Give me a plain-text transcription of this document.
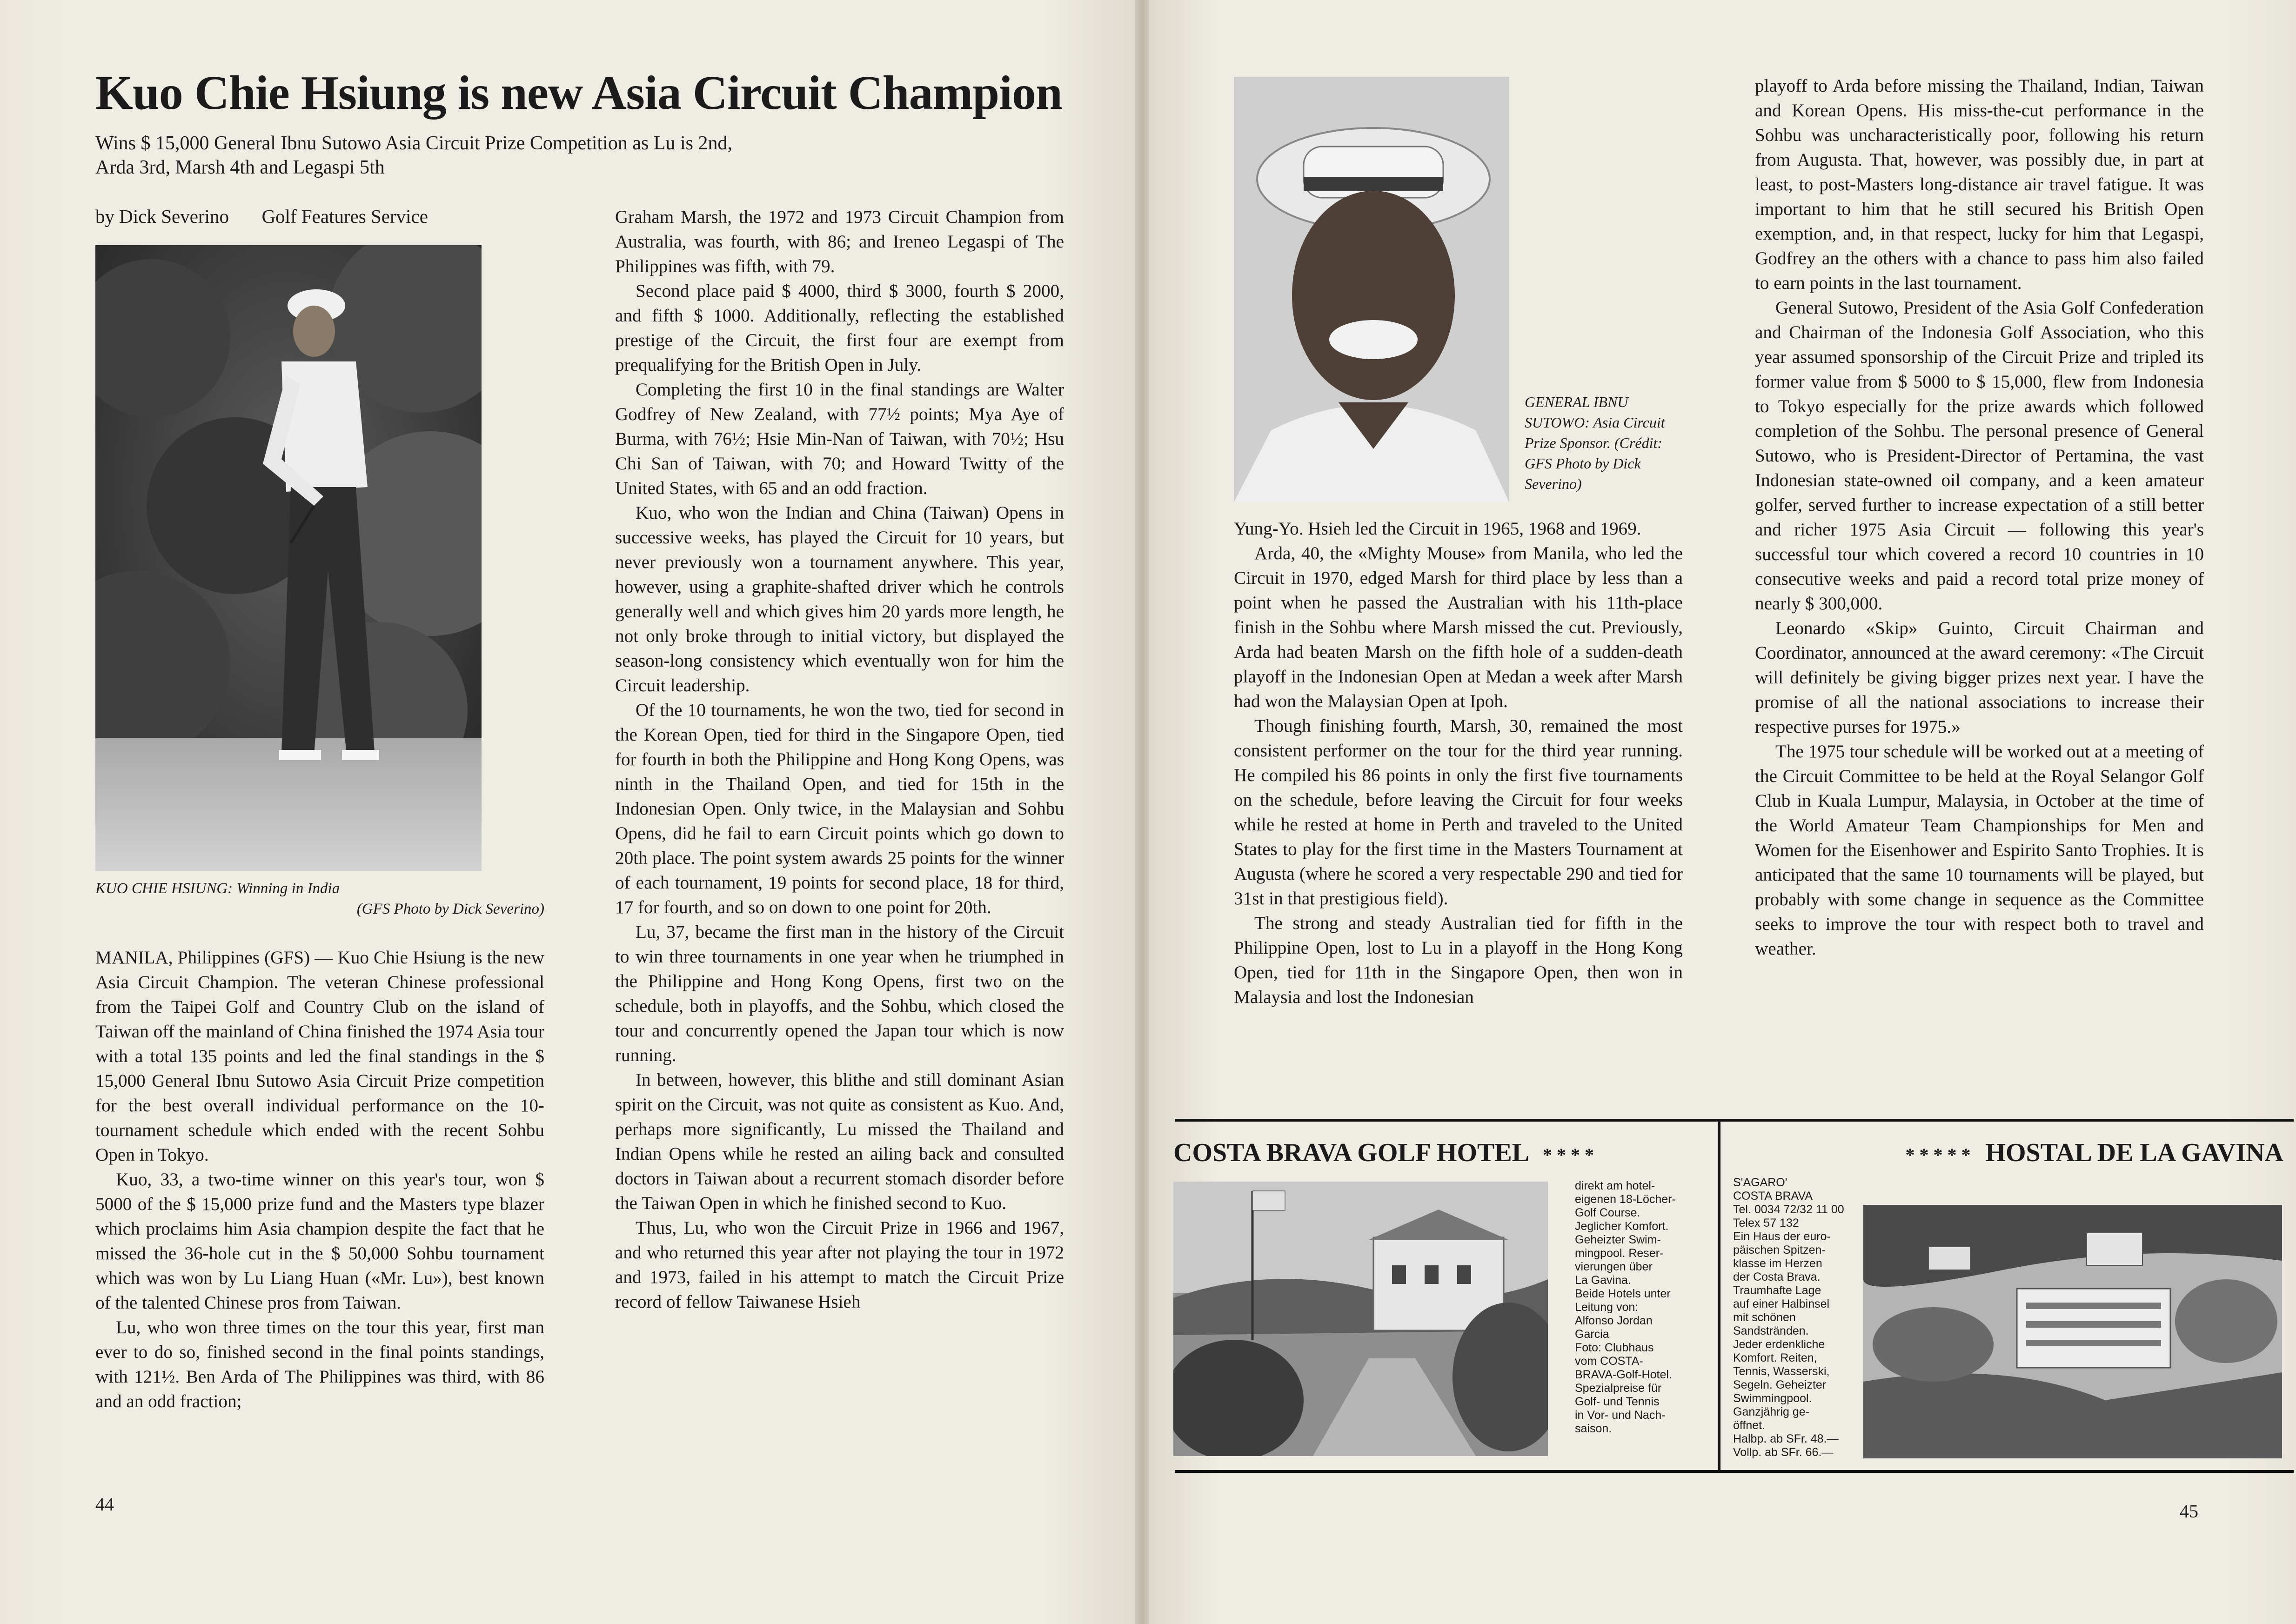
Kuo Chie Hsiung is new Asia Circuit Champion
Wins $ 15,000 General Ibnu Sutowo Asia Circuit Prize Competition as Lu is 2nd,
Arda 3rd, Marsh 4th and Legaspi 5th
by Dick Severino Golf Features Service
KUO CHIE HSIUNG: Winning in India
(GFS Photo by Dick Severino)

MANILA, Philippines (GFS) — Kuo Chie Hsiung is the new Asia Circuit Champion. The veteran Chinese professional from the Taipei Golf and Country Club on the island of Taiwan off the mainland of China finished the 1974 Asia tour with a total 135 points and led the final standings in the $ 15,000 General Ibnu Sutowo Asia Circuit Prize competition for the best overall individual performance on the 10-tournament schedule which ended with the recent Sohbu Open in Tokyo.

Kuo, 33, a two-time winner on this year's tour, won $ 5000 of the $ 15,000 prize fund and the Masters type blazer which proclaims him Asia champion despite the fact that he missed the 36-hole cut in the $ 50,000 Sohbu tournament which was won by Lu Liang Huan («Mr. Lu»), best known of the talented Chinese pros from Taiwan.

Lu, who won three times on the tour this year, first man ever to do so, finished second in the final points standings, with 121½. Ben Arda of The Philippines was third, with 86 and an odd fraction;

Graham Marsh, the 1972 and 1973 Circuit Champion from Australia, was fourth, with 86; and Ireneo Legaspi of The Philippines was fifth, with 79.

Second place paid $ 4000, third $ 3000, fourth $ 2000, and fifth $ 1000. Additionally, reflecting the established prestige of the Circuit, the first four are exempt from prequalifying for the British Open in July.

Completing the first 10 in the final standings are Walter Godfrey of New Zealand, with 77½ points; Mya Aye of Burma, with 76½; Hsie Min-Nan of Taiwan, with 70½; Hsu Chi San of Taiwan, with 70; and Howard Twitty of the United States, with 65 and an odd fraction.

Kuo, who won the Indian and China (Taiwan) Opens in successive weeks, has played the Circuit for 10 years, but never previously won a tournament anywhere. This year, however, using a graphite-shafted driver which he controls generally well and which gives him 20 yards more length, he not only broke through to initial victory, but displayed the season-long consistency which eventually won for him the Circuit leadership.

Of the 10 tournaments, he won the two, tied for second in the Korean Open, tied for third in the Singapore Open, tied for fourth in both the Philippine and Hong Kong Opens, was ninth in the Thailand Open, and tied for 15th in the Indonesian Open. Only twice, in the Malaysian and Sohbu Opens, did he fail to earn Circuit points which go down to 20th place. The point system awards 25 points for the winner of each tournament, 19 points for second place, 18 for third, 17 for fourth, and so on down to one point for 20th.

Lu, 37, became the first man in the history of the Circuit to win three tournaments in one year when he triumphed in the Philippine and Hong Kong Opens, first two on the schedule, both in playoffs, and the Sohbu, which closed the tour and concurrently opened the Japan tour which is now running.

In between, however, this blithe and still dominant Asian spirit on the Circuit, was not quite as consistent as Kuo. And, perhaps more significantly, Lu missed the Thailand and Indian Opens while he rested an ailing back and consulted doctors in Taiwan about a recurrent stomach disorder before the Taiwan Open in which he finished second to Kuo.

Thus, Lu, who won the Circuit Prize in 1966 and 1967, and who returned this year after not playing the tour in 1972 and 1973, failed in his attempt to match the Circuit Prize record of fellow Taiwanese Hsieh

44
GENERAL IBNU SUTOWO: Asia Circuit Prize Sponsor. (Crédit: GFS Photo by Dick Severino)

Yung-Yo. Hsieh led the Circuit in 1965, 1968 and 1969.

Arda, 40, the «Mighty Mouse» from Manila, who led the Circuit in 1970, edged Marsh for third place by less than a point when he passed the Australian with his 11th-place finish in the Sohbu where Marsh missed the cut. Previously, Arda had beaten Marsh on the fifth hole of a sudden-death playoff in the Indonesian Open at Medan a week after Marsh had won the Malaysian Open at Ipoh.

Though finishing fourth, Marsh, 30, remained the most consistent performer on the tour for the third year running. He compiled his 86 points in only the first five tournaments on the schedule, before leaving the Circuit for four weeks while he rested at home in Perth and traveled to the United States to play for the first time in the Masters Tournament at Augusta (where he scored a very respectable 290 and tied for 31st in that prestigious field).

The strong and steady Australian tied for fifth in the Philippine Open, lost to Lu in a playoff in the Hong Kong Open, tied for 11th in the Singapore Open, then won in Malaysia and lost the Indonesian

playoff to Arda before missing the Thailand, Indian, Taiwan and Korean Opens. His miss-the-cut performance in the Sohbu was uncharacteristically poor, following his return from Augusta. That, however, was possibly due, in part at least, to post-Masters long-distance air travel fatigue. It was important to him that he still secured his British Open exemption, and, in that respect, lucky for him that Legaspi, Godfrey an the others with a chance to pass him also failed to earn points in the last tournament.

General Sutowo, President of the Asia Golf Confederation and Chairman of the Indonesia Golf Association, who this year assumed sponsorship of the Circuit Prize and tripled its former value from $ 5000 to $ 15,000, flew from Indonesia to Tokyo especially for the prize awards which followed completion of the Sohbu. The personal presence of General Sutowo, who is President-Director of Pertamina, the vast Indonesian state-owned oil company, and a keen amateur golfer, served further to increase expectation of a still better and richer 1975 Asia Circuit — following this year's successful tour which covered a record 10 countries in 10 consecutive weeks and paid a record total prize money of nearly $ 300,000.

Leonardo «Skip» Guinto, Circuit Chairman and Coordinator, announced at the award ceremony: «The Circuit will definitely be giving bigger prizes next year. I have the promise of all the national associations to increase their respective purses for 1975.»

The 1975 tour schedule will be worked out at a meeting of the Circuit Committee to be held at the Royal Selangor Golf Club in Kuala Lumpur, Malaysia, in October at the time of the World Amateur Team Championships for Men and Women for the Eisenhower and Espirito Santo Trophies. It is anticipated that the same 10 tournaments will be played, but probably with some change in sequence as the Committee seeks to improve the tour with respect both to travel and weather.

COSTA BRAVA GOLF HOTEL * * * *
direkt am hotel-
eigenen 18-Löcher-
Golf Course.
Jeglicher Komfort.
Geheizter Swim-
mingpool. Reser-
vierungen über
La Gavina.
Beide Hotels unter
Leitung von:
Alfonso Jordan
Garcia
Foto: Clubhaus
vom COSTA-
BRAVA-Golf-Hotel.
Spezialpreise für
Golf- und Tennis
in Vor- und Nach-
saison.
* * * * * HOSTAL DE LA GAVINA
S'AGARO'
COSTA BRAVA
Tel. 0034 72/32 11 00
Telex 57 132
Ein Haus der euro-
päischen Spitzen-
klasse im Herzen
der Costa Brava.
Traumhafte Lage
auf einer Halbinsel
mit schönen
Sandstränden.
Jeder erdenkliche
Komfort. Reiten,
Tennis, Wasserski,
Segeln. Geheizter
Swimmingpool.
Ganzjährig ge-
öffnet.
Halbp. ab SFr. 48.—
Vollp. ab SFr. 66.—
45
